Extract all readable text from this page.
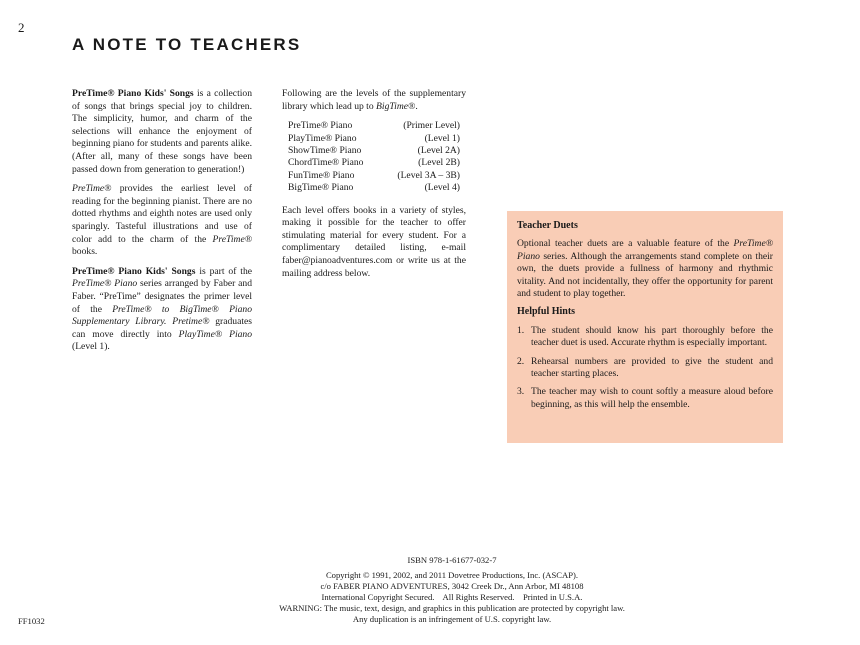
2
A NOTE TO TEACHERS

PreTime® Piano Kids' Songs is a collection of songs that brings special joy to children. The simplicity, humor, and charm of the selections will enhance the enjoyment of beginning piano for students and parents alike. (After all, many of these songs have been passed down from generation to generation!)

PreTime® provides the earliest level of reading for the beginning pianist. There are no dotted rhythms and eighth notes are used only sparingly. Tasteful illustrations and use of color add to the charm of the PreTime® books.

PreTime® Piano Kids' Songs is part of the PreTime® Piano series arranged by Faber and Faber. “PreTime” designates the primer level of the PreTime® to BigTime® Piano Supplementary Library. Pretime® graduates can move directly into PlayTime® Piano (Level 1).

Following are the levels of the supplementary library which lead up to BigTime®.

PreTime® Piano	(Primer Level)
PlayTime® Piano	(Level 1)
ShowTime® Piano	(Level 2A)
ChordTime® Piano	(Level 2B)
FunTime® Piano	(Level 3A – 3B)
BigTime® Piano	(Level 4)

Each level offers books in a variety of styles, making it possible for the teacher to offer stimulating material for every student. For a complimentary detailed listing, e-mail faber@pianoadventures.com or write us at the mailing address below.

Teacher Duets

Optional teacher duets are a valuable feature of the PreTime® Piano series. Although the arrangements stand complete on their own, the duets provide a fullness of harmony and rhythmic vitality. And not incidentally, they offer the opportunity for parent and student to play together.

Helpful Hints
1. The student should know his part thoroughly before the teacher duet is used. Accurate rhythm is especially important.
2. Rehearsal numbers are provided to give the student and teacher starting places.
3. The teacher may wish to count softly a measure aloud before beginning, as this will help the ensemble.
ISBN 978-1-61677-032-7
Copyright © 1991, 2002, and 2011 Dovetree Productions, Inc. (ASCAP).
c/o FABER PIANO ADVENTURES, 3042 Creek Dr., Ann Arbor, MI 48108
International Copyright Secured.    All Rights Reserved.    Printed in U.S.A.
WARNING: The music, text, design, and graphics in this publication are protected by copyright law.
Any duplication is an infringement of U.S. copyright law.
FF1032
